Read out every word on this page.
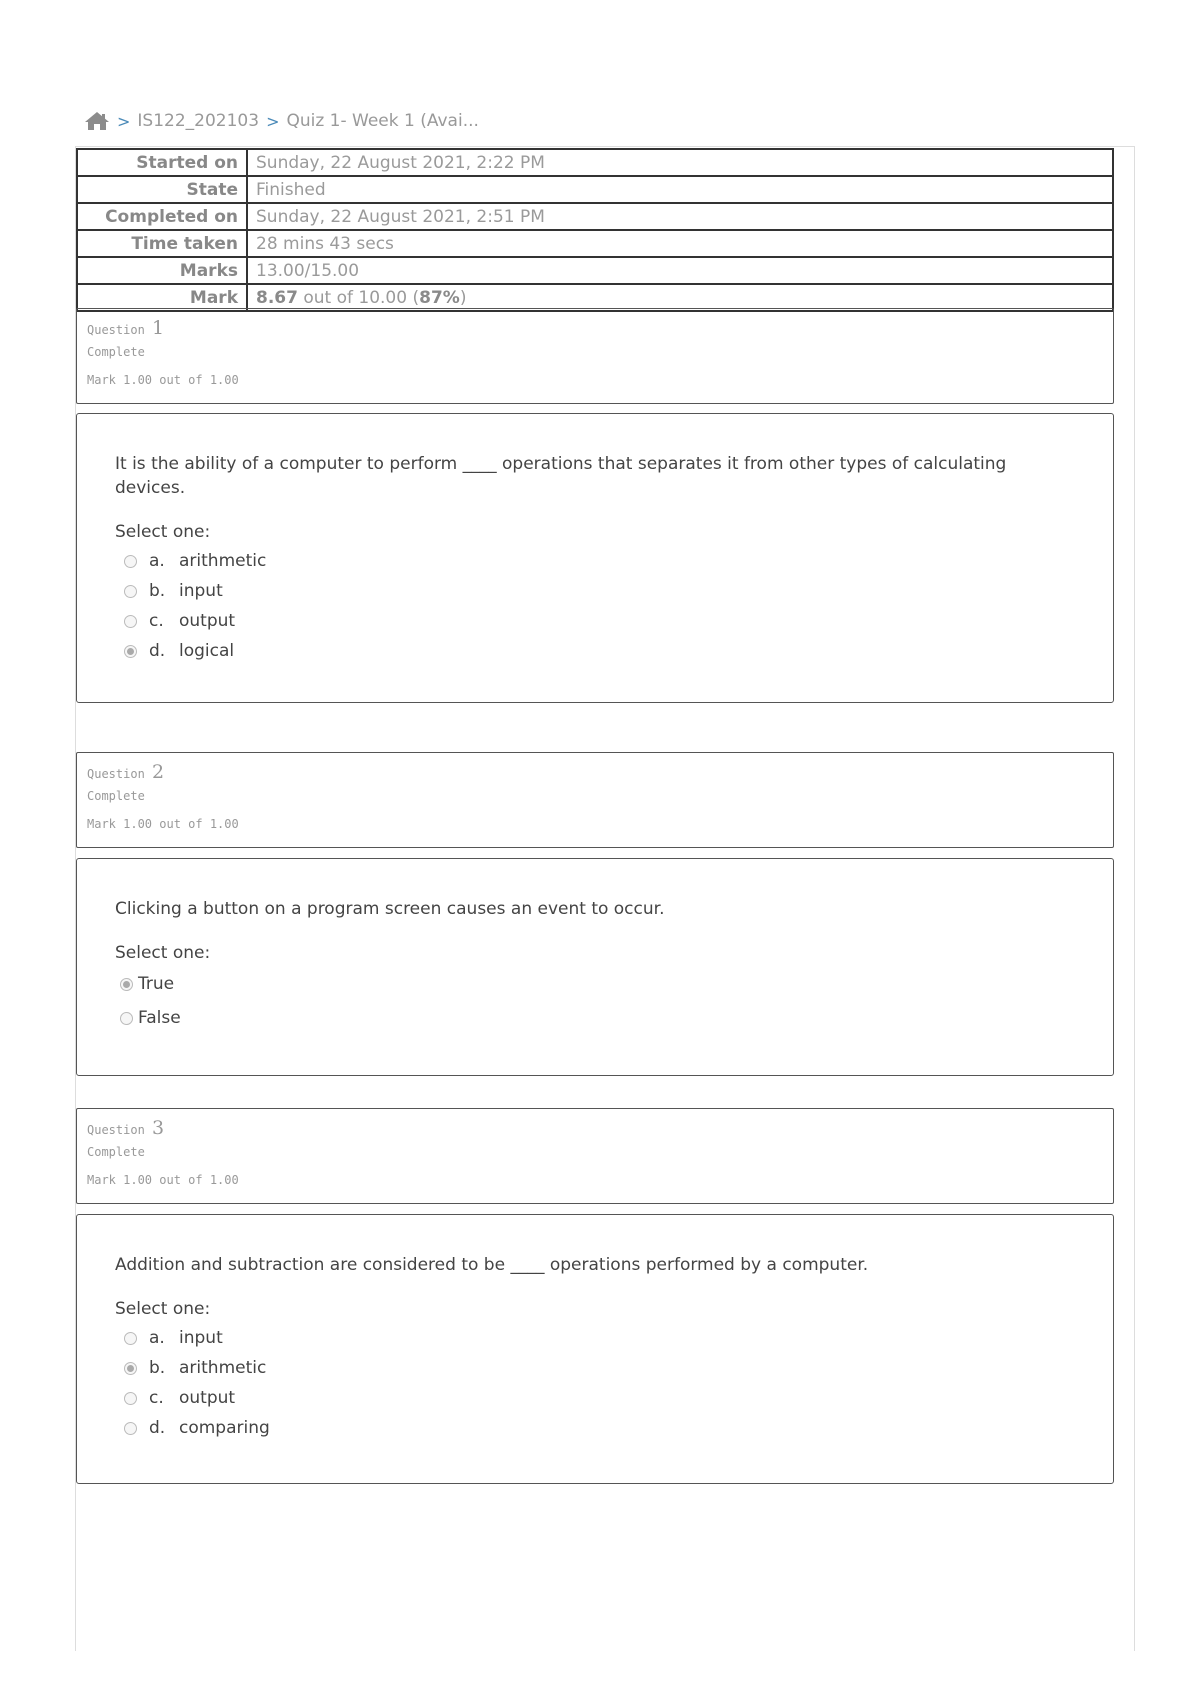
> IS122_202103 > Quiz 1- Week 1 (Avai...
Started on	Sunday, 22 August 2021, 2:22 PM
State	Finished
Completed on	Sunday, 22 August 2021, 2:51 PM
Time taken	28 mins 43 secs
Marks	13.00/15.00
Mark	8.67 out of 10.00 (87%)
Question 1
Complete
Mark 1.00 out of 1.00
It is the ability of a computer to perform ____ operations that separates it from other types of calculating devices.
Select one:
a. arithmetic
b. input
c. output
d. logical
Question 2
Complete
Mark 1.00 out of 1.00
Clicking a button on a program screen causes an event to occur.
Select one:
True
False
Question 3
Complete
Mark 1.00 out of 1.00
Addition and subtraction are considered to be ____ operations performed by a computer.
Select one:
a. input
b. arithmetic
c. output
d. comparing
